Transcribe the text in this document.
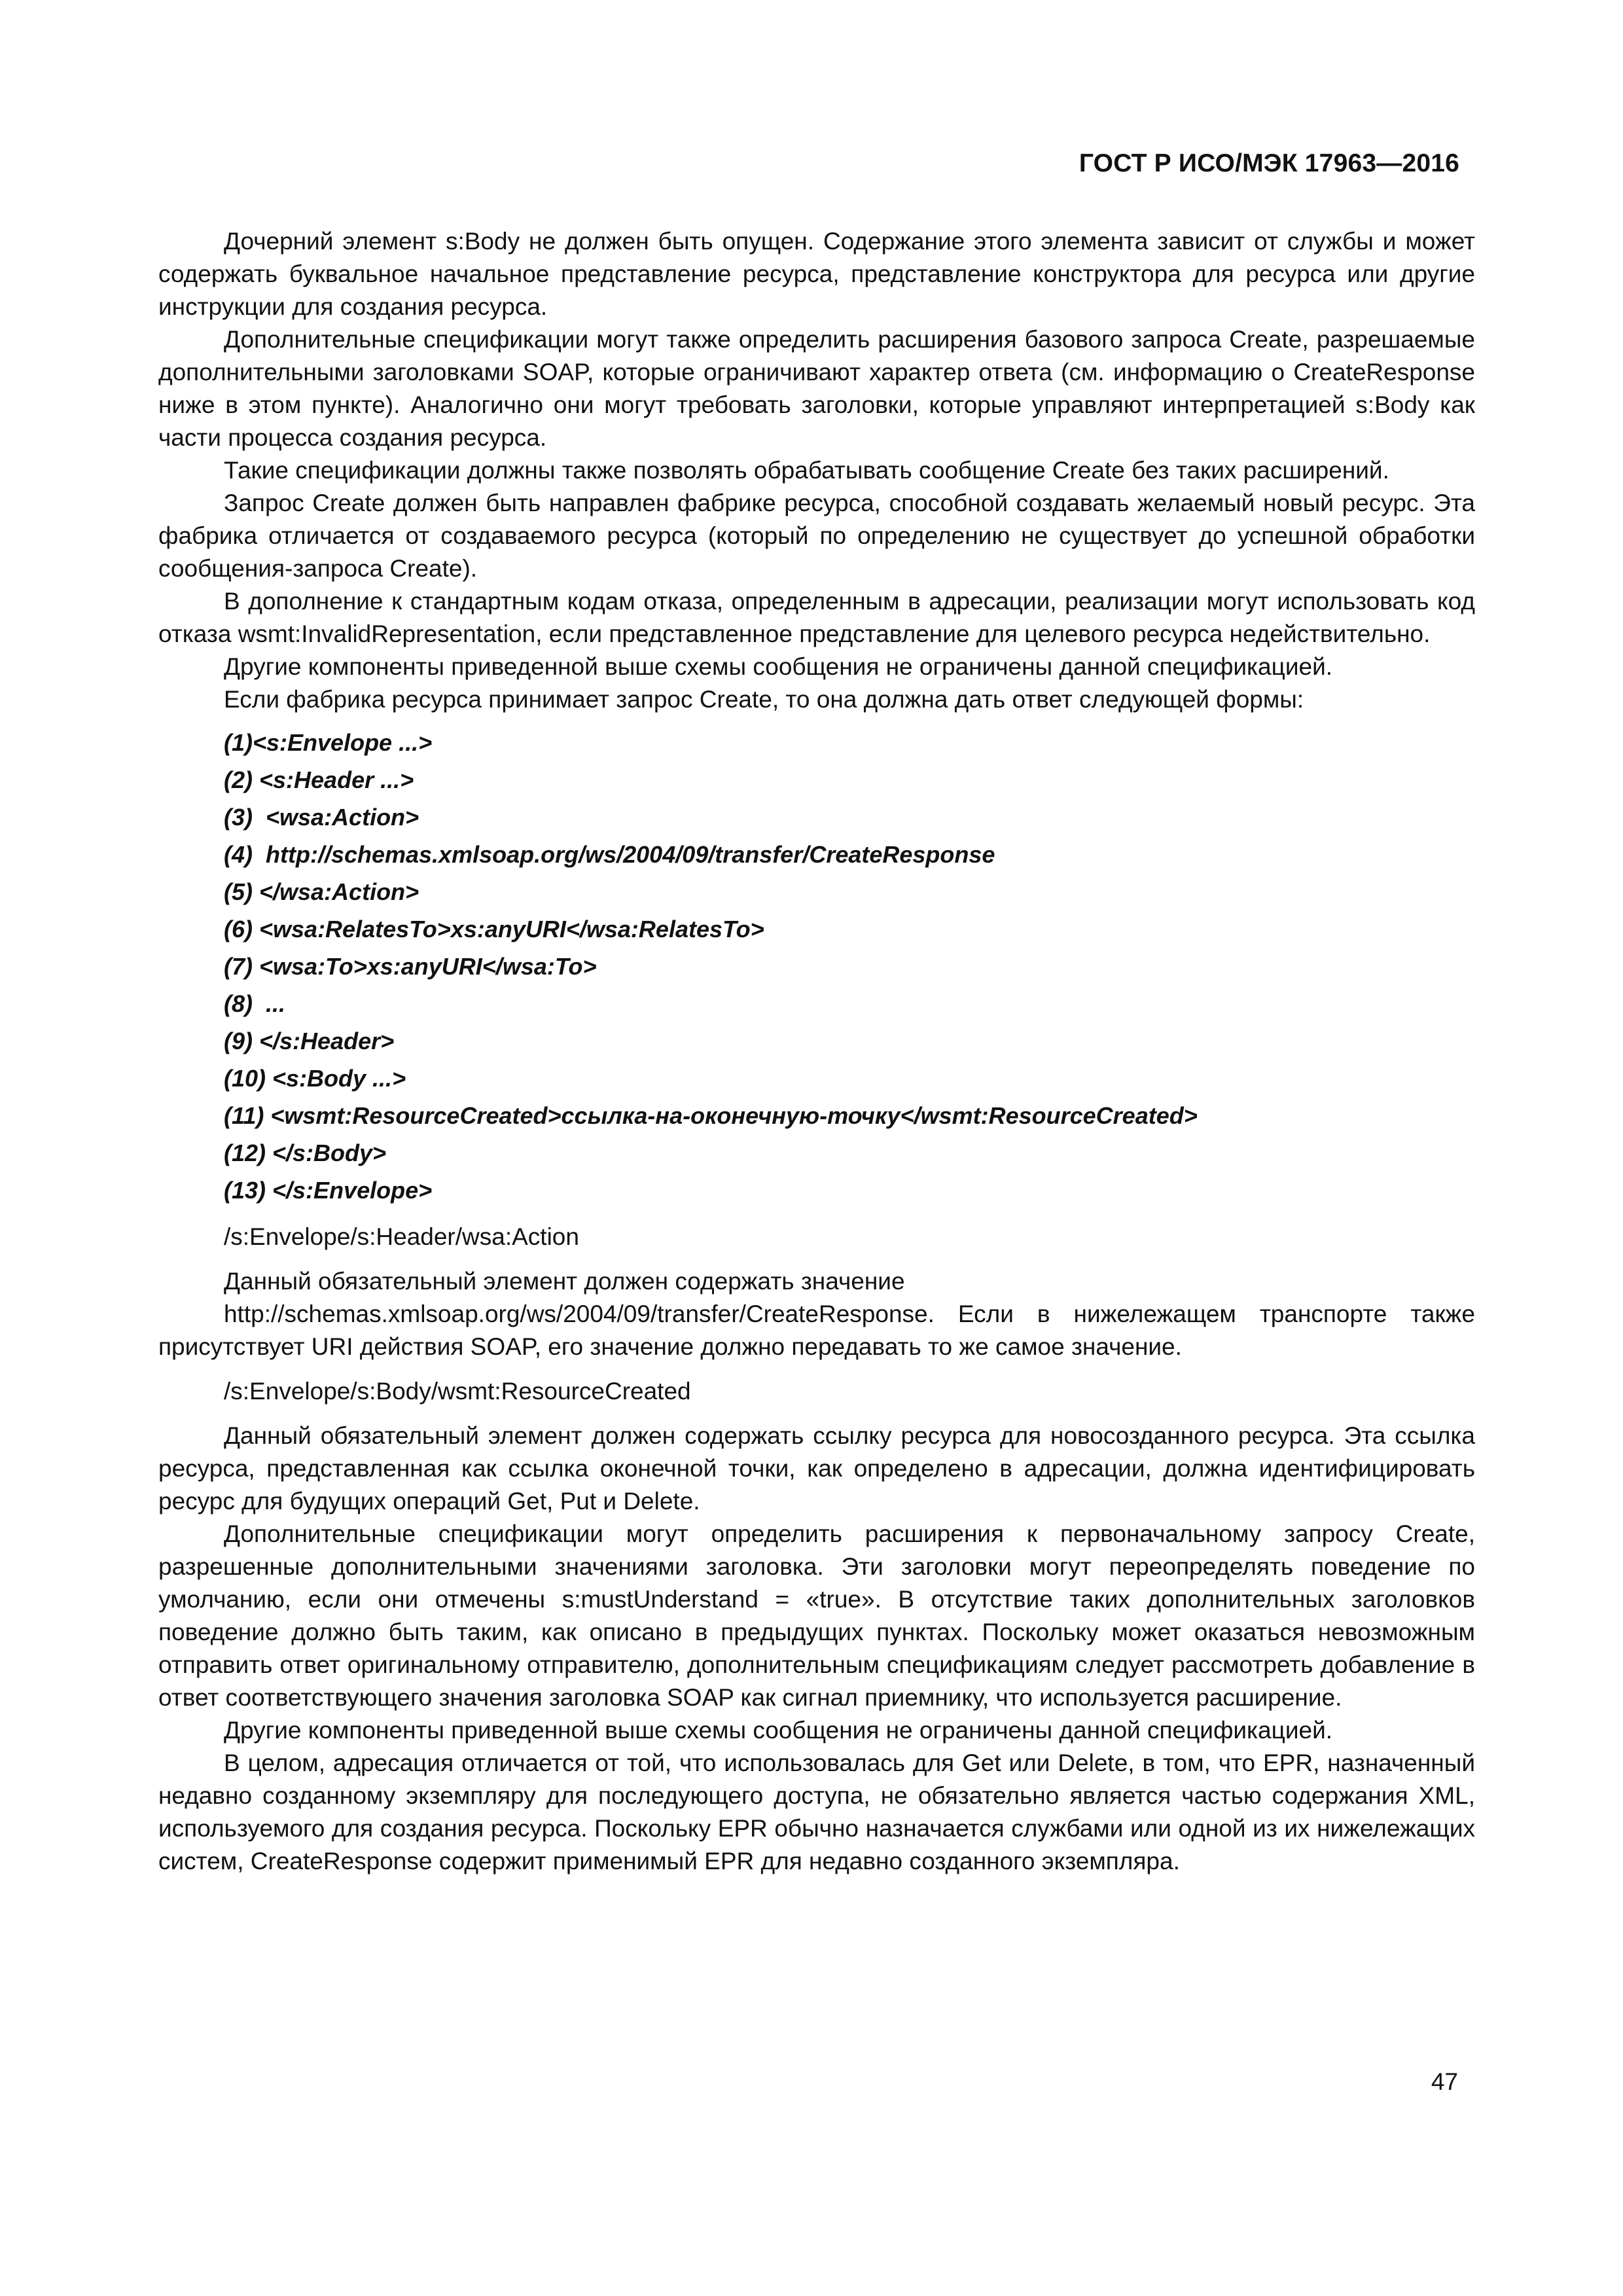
ГОСТ Р ИСО/МЭК 17963—2016

Дочерний элемент s:Body не должен быть опущен. Содержание этого элемента зависит от службы и может содержать буквальное начальное представление ресурса, представление конструктора для ресурса или другие инструкции для создания ресурса.

Дополнительные спецификации могут также определить расширения базового запроса Create, разрешаемые дополнительными заголовками SOAP, которые ограничивают характер ответа (см. информацию о CreateResponse ниже в этом пункте). Аналогично они могут требовать заголовки, которые управляют интерпретацией s:Body как части процесса создания ресурса.

Такие спецификации должны также позволять обрабатывать сообщение Create без таких расширений.

Запрос Create должен быть направлен фабрике ресурса, способной создавать желаемый новый ресурс. Эта фабрика отличается от создаваемого ресурса (который по определению не существует до успешной обработки сообщения-запроса Create).

В дополнение к стандартным кодам отказа, определенным в адресации, реализации могут использовать код отказа wsmt:InvalidRepresentation, если представленное представление для целевого ресурса недействительно.

Другие компоненты приведенной выше схемы сообщения не ограничены данной спецификацией.

Если фабрика ресурса принимает запрос Create, то она должна дать ответ следующей формы:

(1)<s:Envelope ...>
(2) <s:Header ...>
(3)  <wsa:Action>
(4)  http://schemas.xmlsoap.org/ws/2004/09/transfer/CreateResponse
(5) </wsa:Action>
(6) <wsa:RelatesTo>xs:anyURI</wsa:RelatesTo>
(7) <wsa:To>xs:anyURI</wsa:To>
(8)  ...
(9) </s:Header>
(10) <s:Body ...>
(11) <wsmt:ResourceCreated>ссылка-на-оконечную-точку</wsmt:ResourceCreated>
(12) </s:Body>
(13) </s:Envelope>
/s:Envelope/s:Header/wsa:Action

Данный обязательный элемент должен содержать значение

http://schemas.xmlsoap.org/ws/2004/09/transfer/CreateResponse. Если в нижележащем транспорте также присутствует URI действия SOAP, его значение должно передавать то же самое значение.

/s:Envelope/s:Body/wsmt:ResourceCreated

Данный обязательный элемент должен содержать ссылку ресурса для новосозданного ресурса. Эта ссылка ресурса, представленная как ссылка оконечной точки, как определено в адресации, должна идентифицировать ресурс для будущих операций Get, Put и Delete.

Дополнительные спецификации могут определить расширения к первоначальному запросу Create, разрешенные дополнительными значениями заголовка. Эти заголовки могут переопределять поведение по умолчанию, если они отмечены s:mustUnderstand = «true». В отсутствие таких дополнительных заголовков поведение должно быть таким, как описано в предыдущих пунктах. Поскольку может оказаться невозможным отправить ответ оригинальному отправителю, дополнительным спецификациям следует рассмотреть добавление в ответ соответствующего значения заголовка SOAP как сигнал приемнику, что используется расширение.

Другие компоненты приведенной выше схемы сообщения не ограничены данной спецификацией.

В целом, адресация отличается от той, что использовалась для Get или Delete, в том, что EPR, назначенный недавно созданному экземпляру для последующего доступа, не обязательно является частью содержания XML, используемого для создания ресурса. Поскольку EPR обычно назначается службами или одной из их нижележащих систем, CreateResponse содержит применимый EPR для недавно созданного экземпляра.

47
